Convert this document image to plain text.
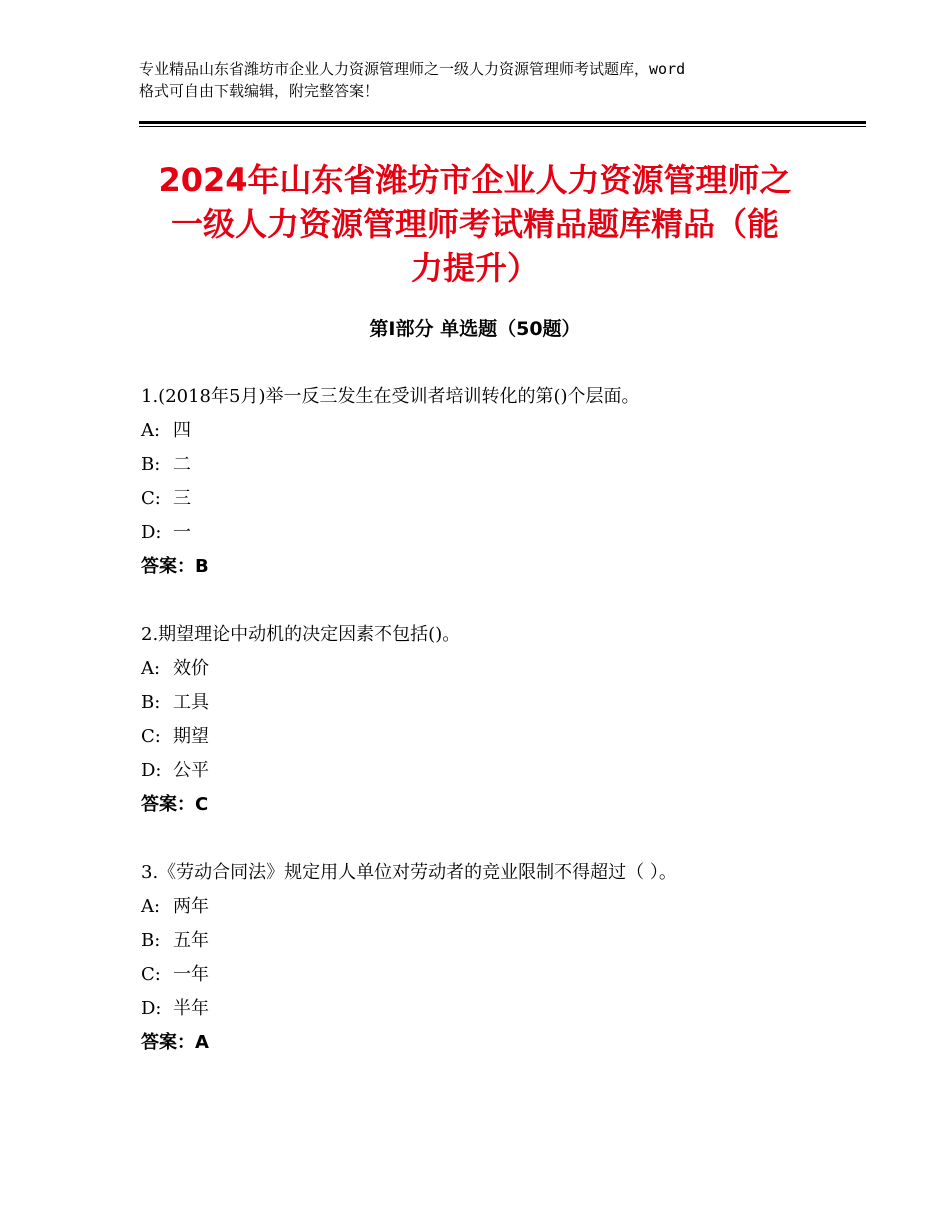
专业精品山东省潍坊市企业人力资源管理师之一级人力资源管理师考试题库，word
格式可自由下载编辑，附完整答案！
2024年山东省潍坊市企业人力资源管理师之
一级人力资源管理师考试精品题库精品（能
力提升）
第Ⅰ部分 单选题（50题）
1.(2018年5月)举一反三发生在受训者培训转化的第()个层面。
A: 四
B: 二
C: 三
D: 一
答案：B
2.期望理论中动机的决定因素不包括()。
A: 效价
B: 工具
C: 期望
D: 公平
答案：C
3.《劳动合同法》规定用人单位对劳动者的竞业限制不得超过（ ）。
A: 两年
B: 五年
C: 一年
D: 半年
答案：A
